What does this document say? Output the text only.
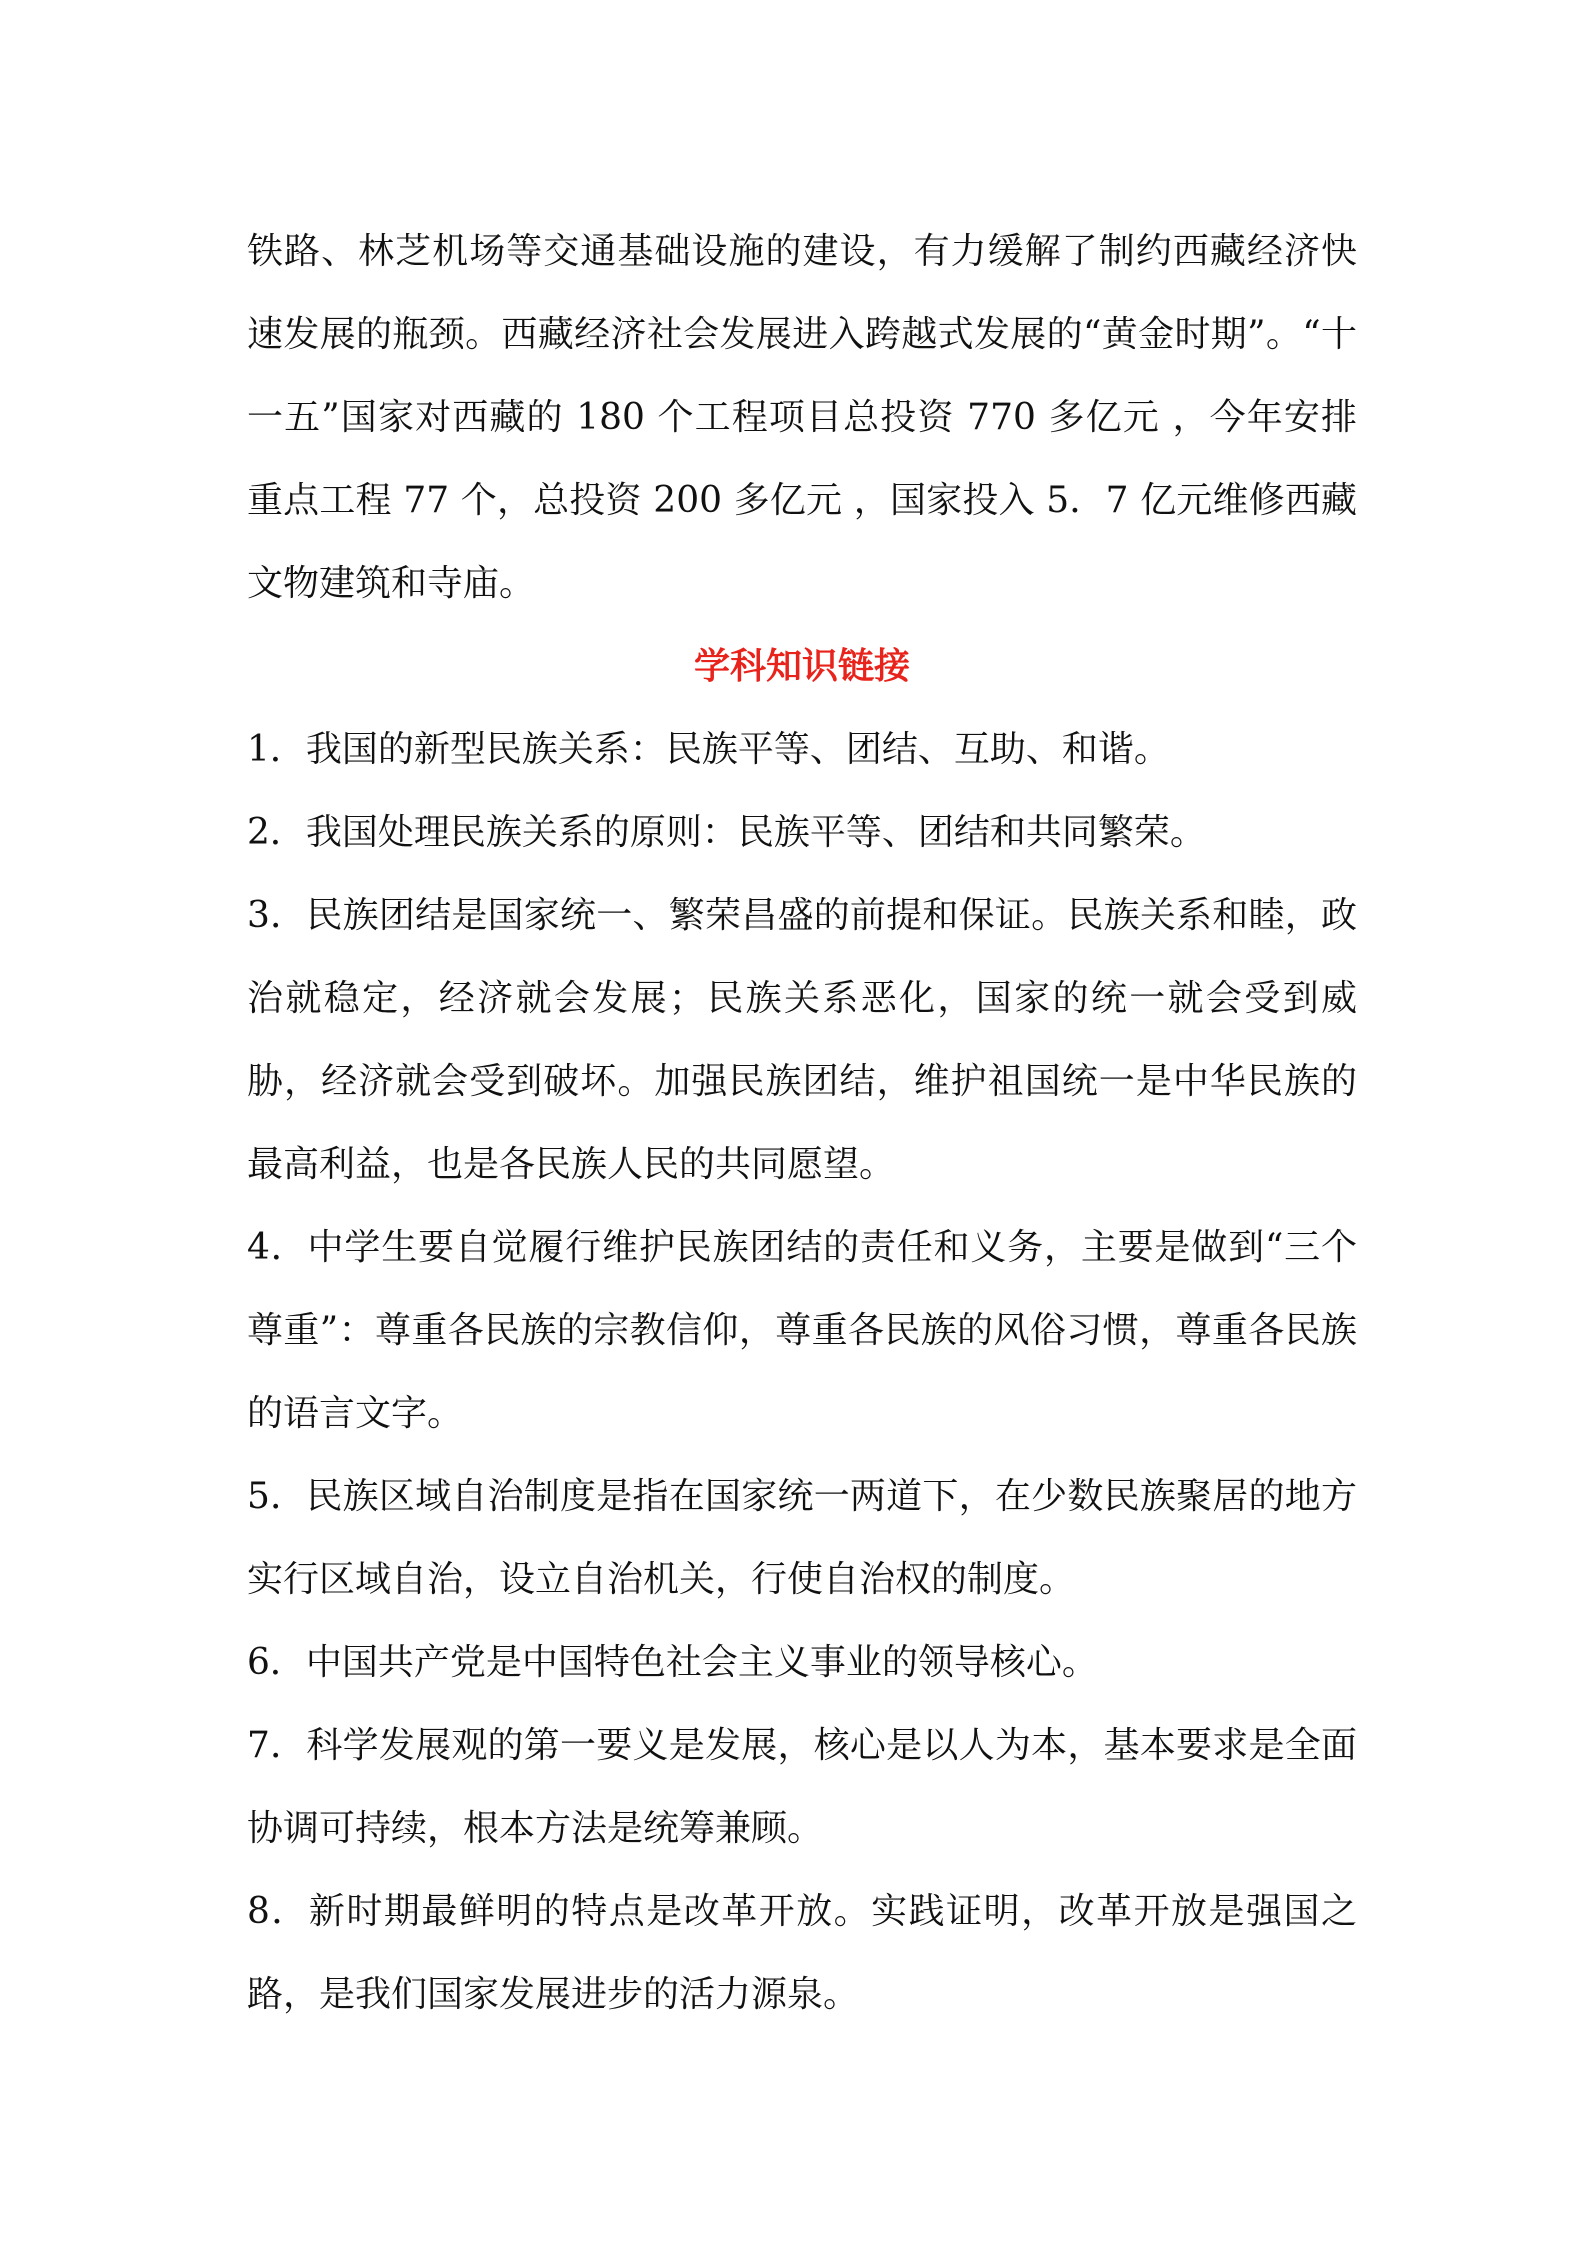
铁路、林芝机场等交通基础设施的建设，有力缓解了制约西藏经济快速发展的瓶颈。西藏经济社会发展进入跨越式发展的“黄金时期”。“十一五”国家对西藏的 180 个工程项目总投资 770 多亿元 ，今年安排重点工程 77 个，总投资 200 多亿元 ，国家投入 5．7 亿元维修西藏文物建筑和寺庙。

学科知识链接

1．我国的新型民族关系：民族平等、团结、互助、和谐。

2．我国处理民族关系的原则：民族平等、团结和共同繁荣。

3．民族团结是国家统一、繁荣昌盛的前提和保证。民族关系和睦，政治就稳定，经济就会发展；民族关系恶化，国家的统一就会受到威胁，经济就会受到破坏。加强民族团结，维护祖国统一是中华民族的最高利益，也是各民族人民的共同愿望。

4．中学生要自觉履行维护民族团结的责任和义务，主要是做到“三个尊重”：尊重各民族的宗教信仰，尊重各民族的风俗习惯，尊重各民族的语言文字。

5．民族区域自治制度是指在国家统一两道下，在少数民族聚居的地方实行区域自治，设立自治机关，行使自治权的制度。

6．中国共产党是中国特色社会主义事业的领导核心。

7．科学发展观的第一要义是发展，核心是以人为本，基本要求是全面协调可持续，根本方法是统筹兼顾。

8．新时期最鲜明的特点是改革开放。实践证明，改革开放是强国之路，是我们国家发展进步的活力源泉。
